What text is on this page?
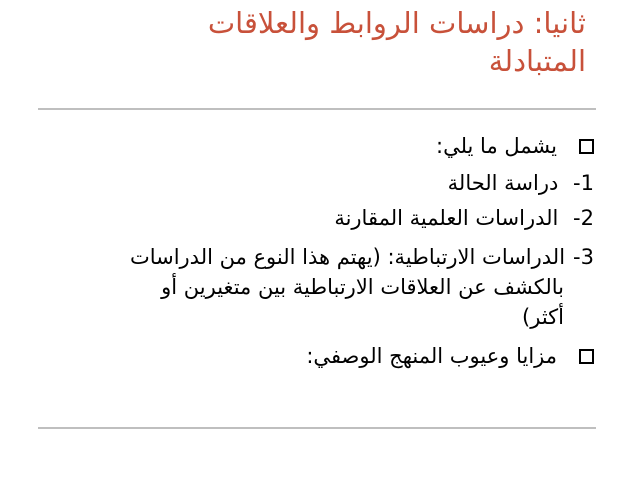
ثانيا: دراسات الروابط والعلاقات المتبادلة
يشمل ما يلي:
1- دراسة الحالة
2- الدراسات العلمية المقارنة
3-الدراسات الارتباطية: (يهتم هذا النوع من الدراسات
بالكشف عن العلاقات الارتباطية بين متغيرين أو
أكثر)
مزايا وعيوب المنهج الوصفي:
